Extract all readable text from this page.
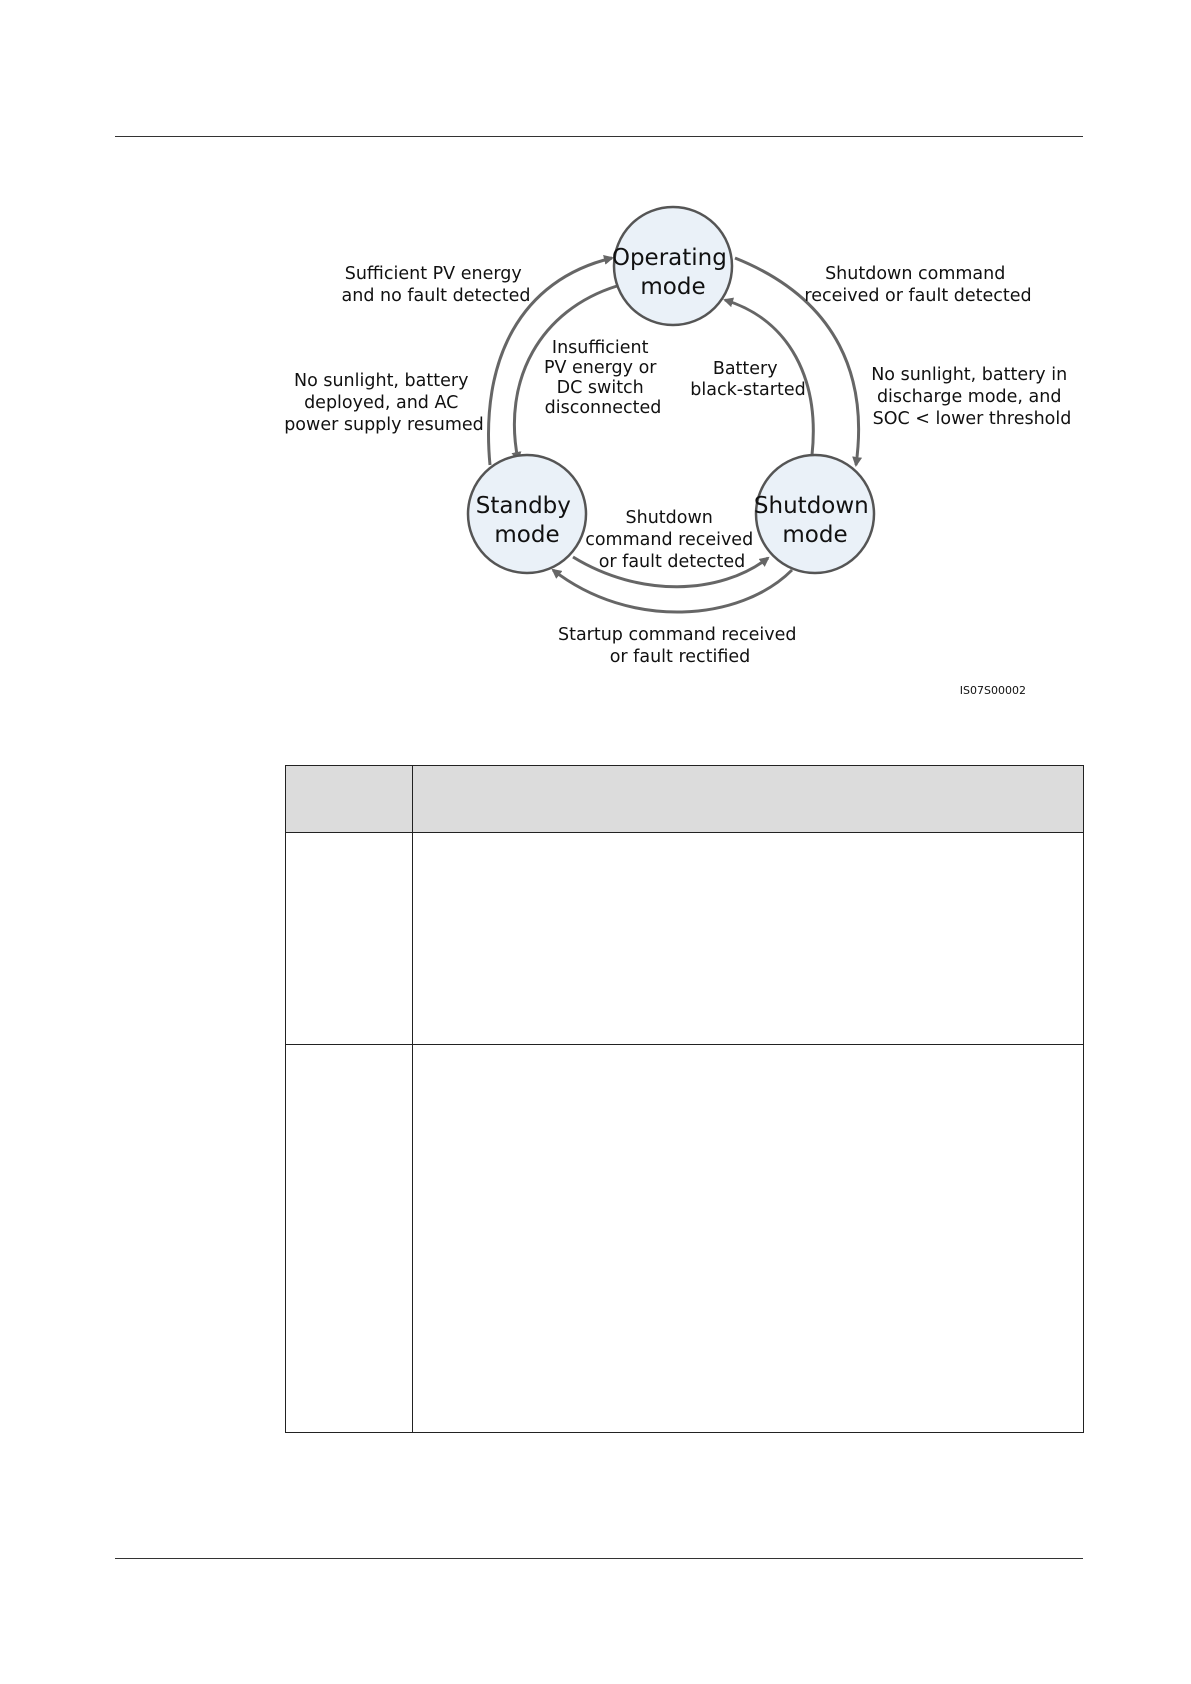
Operating mode
Standby mode
Shutdown mode
Sufficient PV energy and no fault detected
Shutdown command received or fault detected
Insufficient PV energy or DC switch disconnected
Battery black-started
No sunlight, battery deployed, and AC power supply resumed
No sunlight, battery in discharge mode, and SOC < lower threshold
Shutdown command received or fault detected
Startup command received or fault rectified
IS07S00002
